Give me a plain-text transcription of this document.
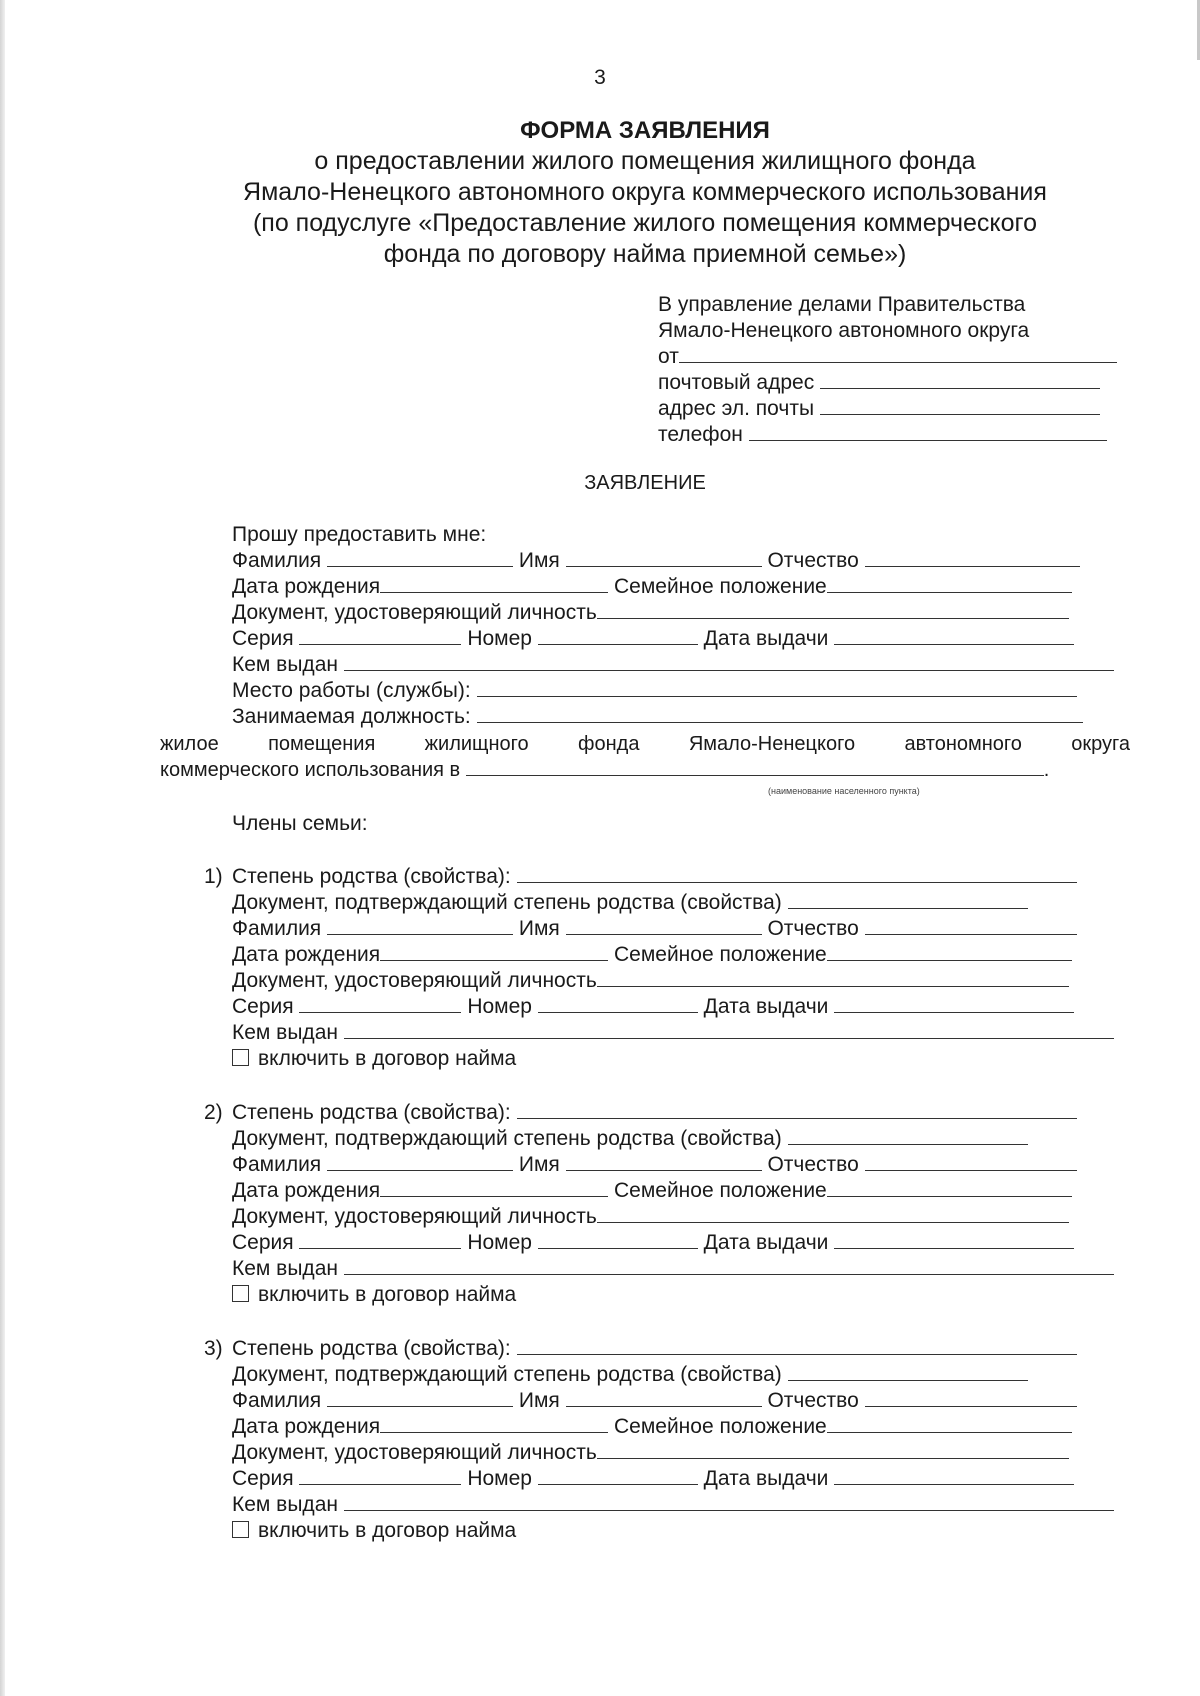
3
ФОРМА ЗАЯВЛЕНИЯ
о предоставлении жилого помещения жилищного фонда
Ямало-Ненецкого автономного округа коммерческого использования
(по подуслуге «Предоставление жилого помещения коммерческого
фонда по договору найма приемной семье»)
В управление делами Правительства
Ямало-Ненецкого автономного округа
от
почтовый адрес
адрес эл. почты
телефон
ЗАЯВЛЕНИЕ
Прошу предоставить мне:
Фамилия	Имя	Отчество
Дата рождения	Семейное положение
Документ, удостоверяющий личность
Серия	Номер	Дата выдачи
Кем выдан
Место работы (службы):
Занимаемая должность:
жилое помещения жилищного фонда Ямало-Ненецкого автономного округа
коммерческого использования в	.
(наименование населенного пункта)
Члены семьи:
1) Степень родства (свойства):
Документ, подтверждающий степень родства (свойства)
Фамилия	Имя	Отчество
Дата рождения	Семейное положение
Документ, удостоверяющий личность
Серия	Номер	Дата выдачи
Кем выдан
включить в договор найма
2) Степень родства (свойства):
Документ, подтверждающий степень родства (свойства)
Фамилия	Имя	Отчество
Дата рождения	Семейное положение
Документ, удостоверяющий личность
Серия	Номер	Дата выдачи
Кем выдан
включить в договор найма
3) Степень родства (свойства):
Документ, подтверждающий степень родства (свойства)
Фамилия	Имя	Отчество
Дата рождения	Семейное положение
Документ, удостоверяющий личность
Серия	Номер	Дата выдачи
Кем выдан
включить в договор найма
